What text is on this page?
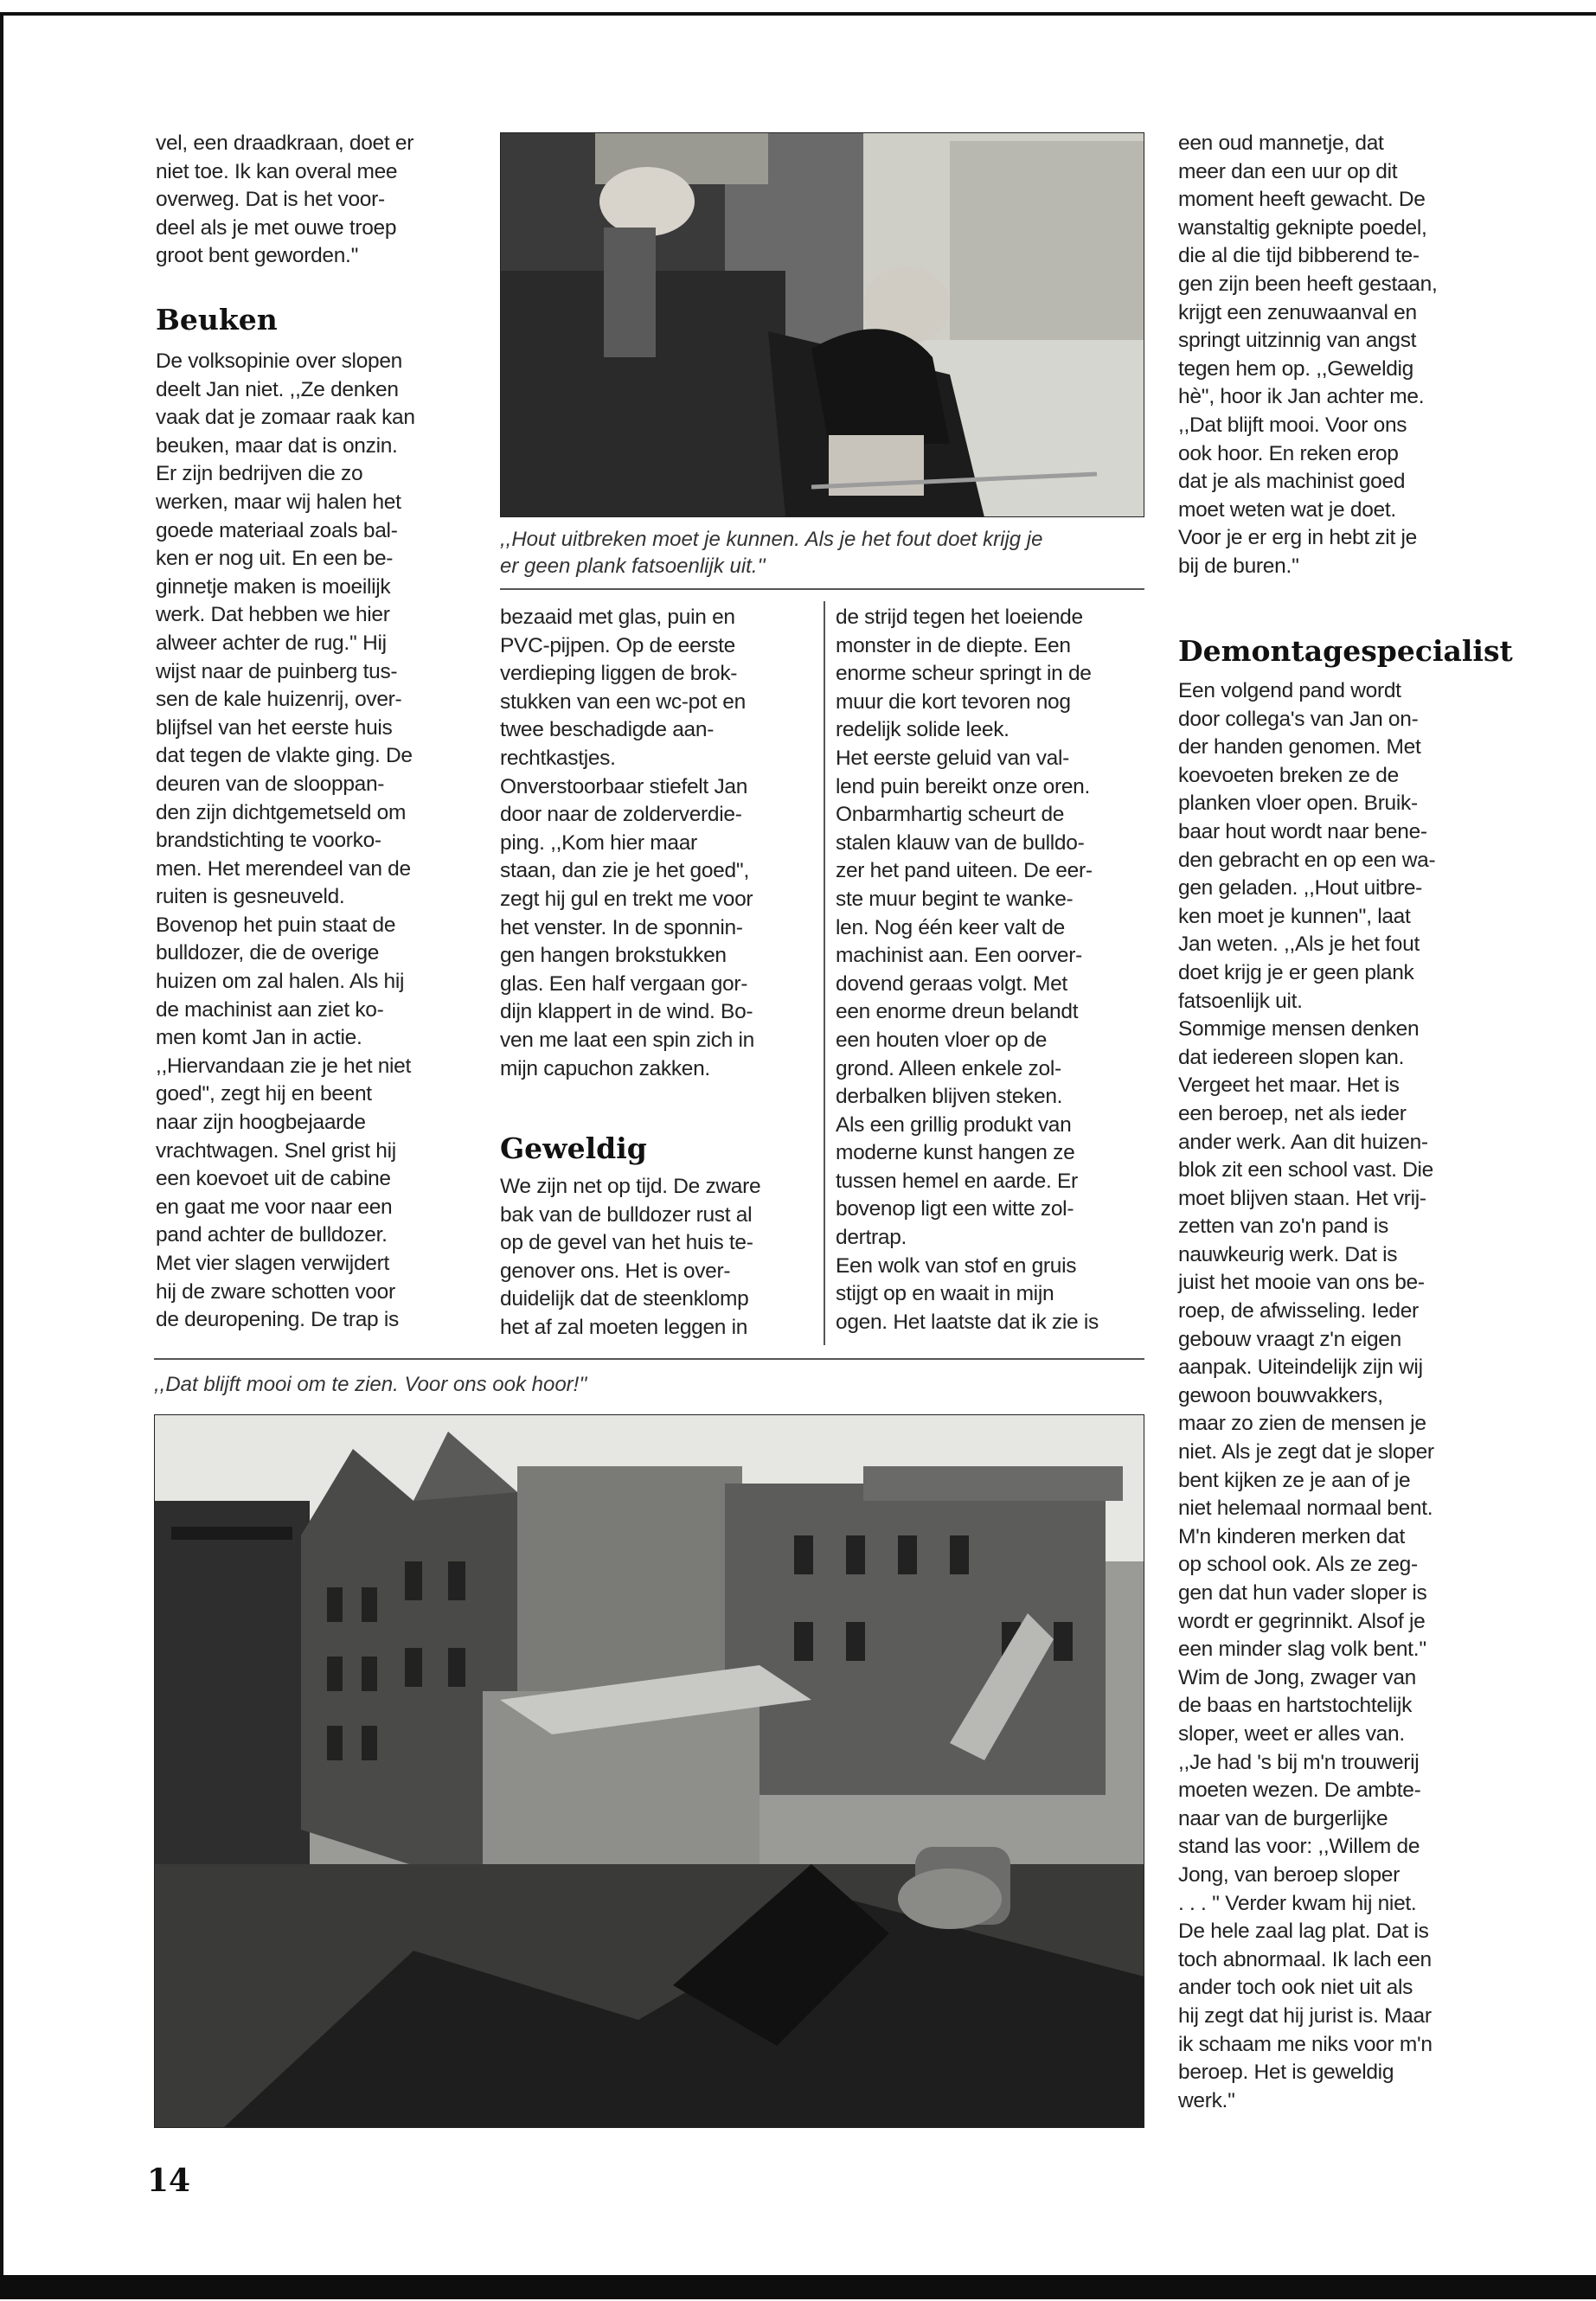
vel, een draadkraan, doet er
niet toe. Ik kan overal mee
overweg. Dat is het voor-
deel als je met ouwe troep
groot bent geworden.''
Beuken
De volksopinie over slopen
deelt Jan niet. ,,Ze denken
vaak dat je zomaar raak kan
beuken, maar dat is onzin.
Er zijn bedrijven die zo
werken, maar wij halen het
goede materiaal zoals bal-
ken er nog uit. En een be-
ginnetje maken is moeilijk
werk. Dat hebben we hier
alweer achter de rug.'' Hij
wijst naar de puinberg tus-
sen de kale huizenrij, over-
blijfsel van het eerste huis
dat tegen de vlakte ging. De
deuren van de slooppan-
den zijn dichtgemetseld om
brandstichting te voorko-
men. Het merendeel van de
ruiten is gesneuveld.
Bovenop het puin staat de
bulldozer, die de overige
huizen om zal halen. Als hij
de machinist aan ziet ko-
men komt Jan in actie.
,,Hiervandaan zie je het niet
goed'', zegt hij en beent
naar zijn hoogbejaarde
vrachtwagen. Snel grist hij
een koevoet uit de cabine
en gaat me voor naar een
pand achter de bulldozer.
Met vier slagen verwijdert
hij de zware schotten voor
de deuropening. De trap is
,,Hout uitbreken moet je kunnen. Als je het fout doet krijg je
er geen plank fatsoenlijk uit.''
bezaaid met glas, puin en
PVC-pijpen. Op de eerste
verdieping liggen de brok-
stukken van een wc-pot en
twee beschadigde aan-
rechtkastjes.
Onverstoorbaar stiefelt Jan
door naar de zolderverdie-
ping. ,,Kom hier maar
staan, dan zie je het goed'',
zegt hij gul en trekt me voor
het venster. In de sponnin-
gen hangen brokstukken
glas. Een half vergaan gor-
dijn klappert in de wind. Bo-
ven me laat een spin zich in
mijn capuchon zakken.
Geweldig
We zijn net op tijd. De zware
bak van de bulldozer rust al
op de gevel van het huis te-
genover ons. Het is over-
duidelijk dat de steenklomp
het af zal moeten leggen in
de strijd tegen het loeiende
monster in de diepte. Een
enorme scheur springt in de
muur die kort tevoren nog
redelijk solide leek.
Het eerste geluid van val-
lend puin bereikt onze oren.
Onbarmhartig scheurt de
stalen klauw van de bulldo-
zer het pand uiteen. De eer-
ste muur begint te wanke-
len. Nog één keer valt de
machinist aan. Een oorver-
dovend geraas volgt. Met
een enorme dreun belandt
een houten vloer op de
grond. Alleen enkele zol-
derbalken blijven steken.
Als een grillig produkt van
moderne kunst hangen ze
tussen hemel en aarde. Er
bovenop ligt een witte zol-
dertrap.
Een wolk van stof en gruis
stijgt op en waait in mijn
ogen. Het laatste dat ik zie is
,,Dat blijft mooi om te zien. Voor ons ook hoor!''
een oud mannetje, dat
meer dan een uur op dit
moment heeft gewacht. De
wanstaltig geknipte poedel,
die al die tijd bibberend te-
gen zijn been heeft gestaan,
krijgt een zenuwaanval en
springt uitzinnig van angst
tegen hem op. ,,Geweldig
hè'', hoor ik Jan achter me.
,,Dat blijft mooi. Voor ons
ook hoor. En reken erop
dat je als machinist goed
moet weten wat je doet.
Voor je er erg in hebt zit je
bij de buren.''
Demontagespecialist
Een volgend pand wordt
door collega's van Jan on-
der handen genomen. Met
koevoeten breken ze de
planken vloer open. Bruik-
baar hout wordt naar bene-
den gebracht en op een wa-
gen geladen. ,,Hout uitbre-
ken moet je kunnen'', laat
Jan weten. ,,Als je het fout
doet krijg je er geen plank
fatsoenlijk uit.
Sommige mensen denken
dat iedereen slopen kan.
Vergeet het maar. Het is
een beroep, net als ieder
ander werk. Aan dit huizen-
blok zit een school vast. Die
moet blijven staan. Het vrij-
zetten van zo'n pand is
nauwkeurig werk. Dat is
juist het mooie van ons be-
roep, de afwisseling. Ieder
gebouw vraagt z'n eigen
aanpak. Uiteindelijk zijn wij
gewoon bouwvakkers,
maar zo zien de mensen je
niet. Als je zegt dat je sloper
bent kijken ze je aan of je
niet helemaal normaal bent.
M'n kinderen merken dat
op school ook. Als ze zeg-
gen dat hun vader sloper is
wordt er gegrinnikt. Alsof je
een minder slag volk bent.''
Wim de Jong, zwager van
de baas en hartstochtelijk
sloper, weet er alles van.
,,Je had 's bij m'n trouwerij
moeten wezen. De ambte-
naar van de burgerlijke
stand las voor: ,,Willem de
Jong, van beroep sloper
. . . '' Verder kwam hij niet.
De hele zaal lag plat. Dat is
toch abnormaal. Ik lach een
ander toch ook niet uit als
hij zegt dat hij jurist is. Maar
ik schaam me niks voor m'n
beroep. Het is geweldig
werk.''
14
